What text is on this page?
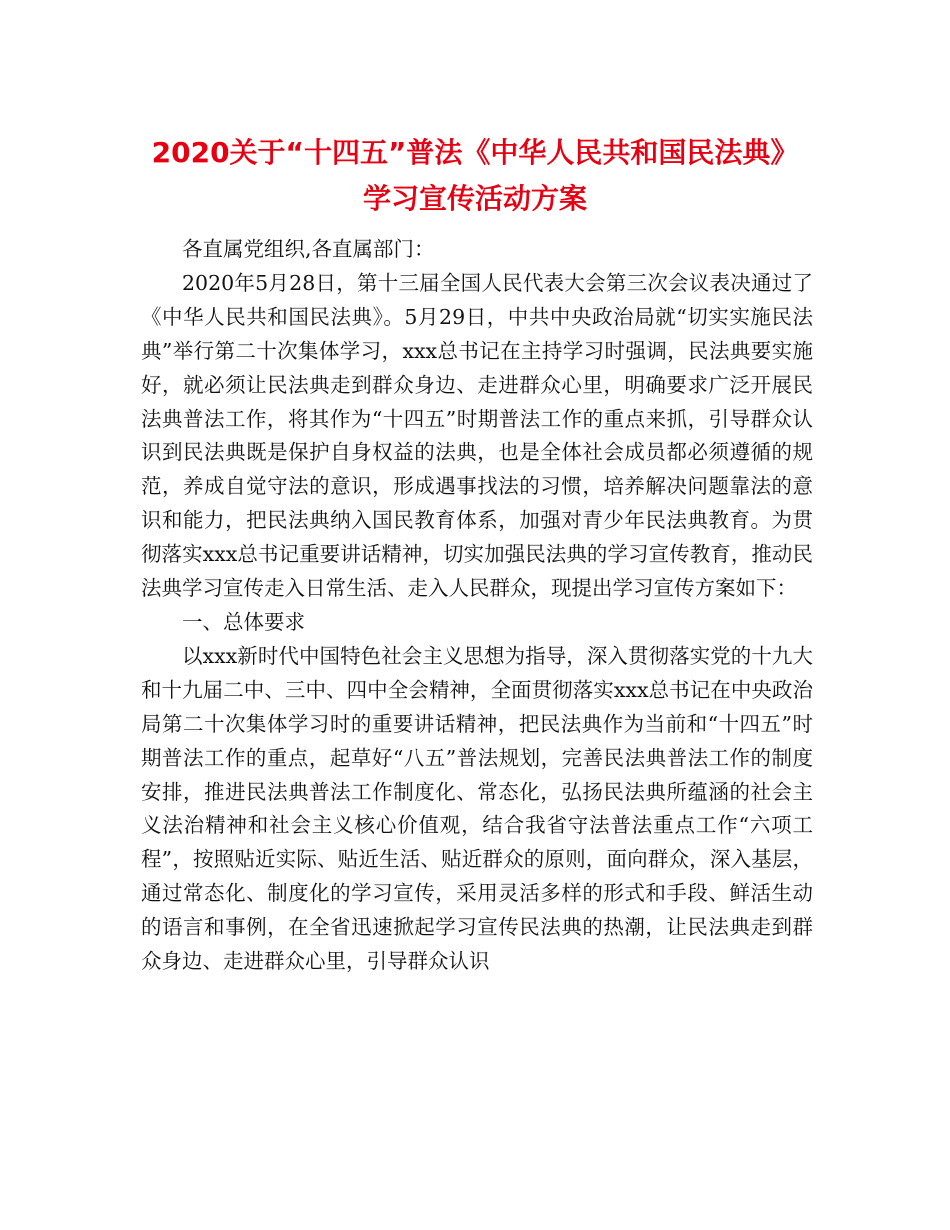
2020关于“十四五”普法《中华人民共和国民法典》
学习宣传活动方案

各直属党组织,各直属部门：

2020年5月28日，第十三届全国人民代表大会第三次会议表决通过了《中华人民共和国民法典》。5月29日，中共中央政治局就“切实实施民法典”举行第二十次集体学习，xxx总书记在主持学习时强调，民法典要实施好，就必须让民法典走到群众身边、走进群众心里，明确要求广泛开展民法典普法工作，将其作为“十四五”时期普法工作的重点来抓，引导群众认识到民法典既是保护自身权益的法典，也是全体社会成员都必须遵循的规范，养成自觉守法的意识，形成遇事找法的习惯，培养解决问题靠法的意识和能力，把民法典纳入国民教育体系，加强对青少年民法典教育。为贯彻落实xxx总书记重要讲话精神，切实加强民法典的学习宣传教育，推动民法典学习宣传走入日常生活、走入人民群众，现提出学习宣传方案如下：

一、总体要求

以xxx新时代中国特色社会主义思想为指导，深入贯彻落实党的十九大和十九届二中、三中、四中全会精神，全面贯彻落实xxx总书记在中央政治局第二十次集体学习时的重要讲话精神，把民法典作为当前和“十四五”时期普法工作的重点，起草好“八五”普法规划，完善民法典普法工作的制度安排，推进民法典普法工作制度化、常态化，弘扬民法典所蕴涵的社会主义法治精神和社会主义核心价值观，结合我省守法普法重点工作“六项工程”，按照贴近实际、贴近生活、贴近群众的原则，面向群众，深入基层，通过常态化、制度化的学习宣传，采用灵活多样的形式和手段、鲜活生动的语言和事例，在全省迅速掀起学习宣传民法典的热潮，让民法典走到群众身边、走进群众心里，引导群众认识
